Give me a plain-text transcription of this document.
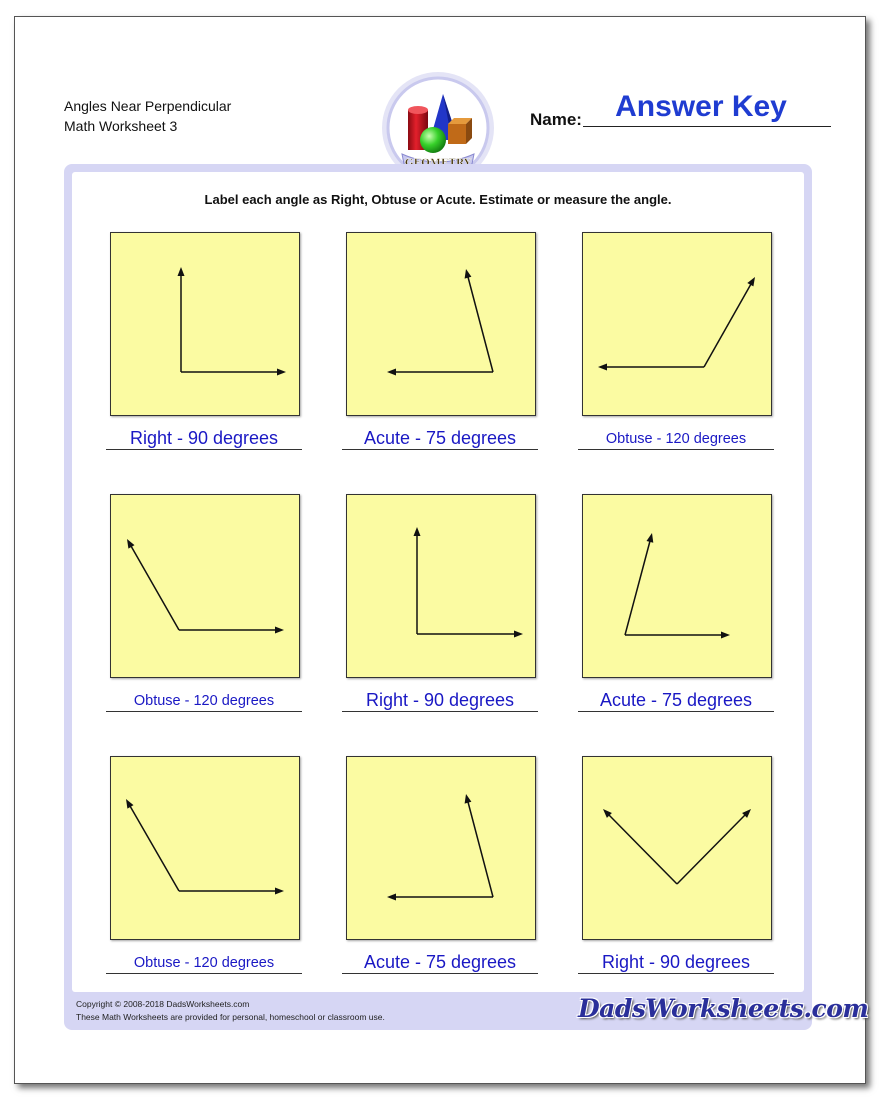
Angles Near Perpendicular
Math Worksheet 3	Name:	Answer Key
Label each angle as Right, Obtuse or Acute. Estimate or measure the angle.
Right - 90 degrees	Acute - 75 degrees	Obtuse - 120 degrees
Obtuse - 120 degrees	Right - 90 degrees	Acute - 75 degrees
Obtuse - 120 degrees	Acute - 75 degrees	Right - 90 degrees
Copyright © 2008-2018 DadsWorksheets.com
These Math Worksheets are provided for personal, homeschool or classroom use.	DadsWorksheets.com
